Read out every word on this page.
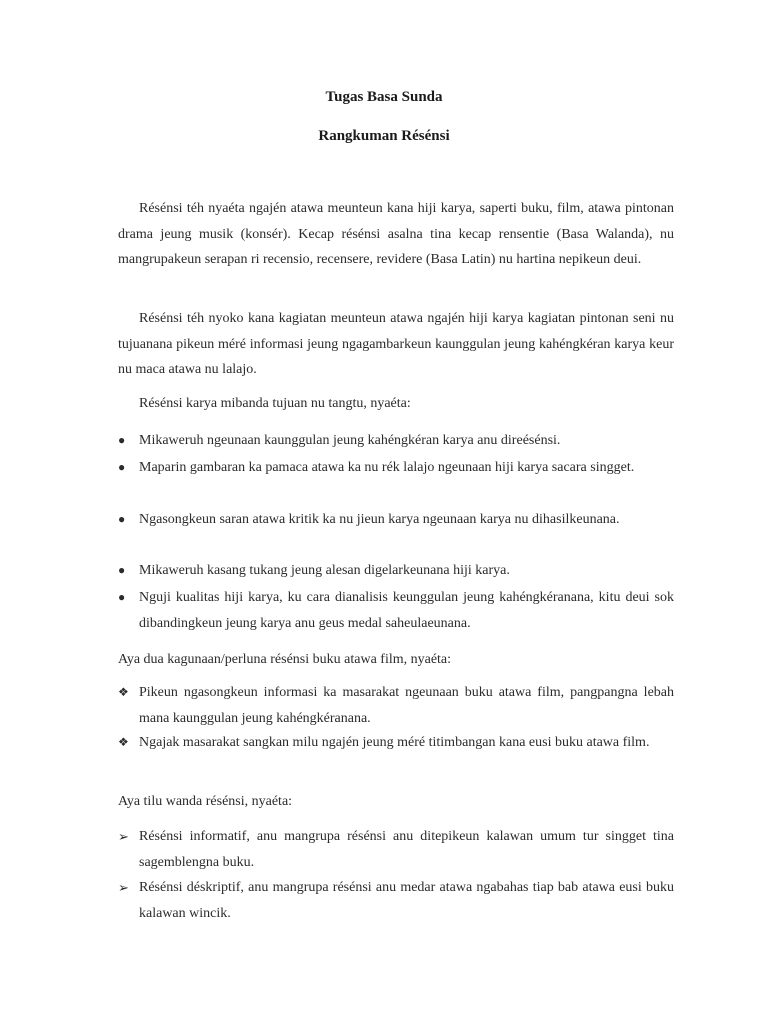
Tugas Basa Sunda
Rangkuman Résénsi

Résénsi téh nyaéta ngajén atawa meunteun kana hiji karya, saperti buku, film, atawa pintonan drama jeung musik (konsér). Kecap résénsi asalna tina kecap rensentie (Basa Walanda), nu mangrupakeun serapan ri recensio, recensere, revidere (Basa Latin) nu hartina nepikeun deui.

Résénsi téh nyoko kana kagiatan meunteun atawa ngajén hiji karya kagiatan pintonan seni nu tujuanana pikeun méré informasi jeung ngagambarkeun kaunggulan jeung kahéngkéran karya keur nu maca atawa nu lalajo.

Résénsi karya mibanda tujuan nu tangtu, nyaéta:

● Mikaweruh ngeunaan kaunggulan jeung kahéngkéran karya anu direésénsi.
● Maparin gambaran ka pamaca atawa ka nu rék lalajo ngeunaan hiji karya sacara singget.
● Ngasongkeun saran atawa kritik ka nu jieun karya ngeunaan karya nu dihasilkeunana.
● Mikaweruh kasang tukang jeung alesan digelarkeunana hiji karya.
● Nguji kualitas hiji karya, ku cara dianalisis keunggulan jeung kahéngkéranana, kitu deui sok dibandingkeun jeung karya anu geus medal saheulaeunana.

Aya dua kagunaan/perluna résénsi buku atawa film, nyaéta:

❖ Pikeun ngasongkeun informasi ka masarakat ngeunaan buku atawa film, pangpangna lebah mana kaunggulan jeung kahéngkéranana.
❖ Ngajak masarakat sangkan milu ngajén jeung méré titimbangan kana eusi buku atawa film.

Aya tilu wanda résénsi, nyaéta:

➢ Résénsi informatif, anu mangrupa résénsi anu ditepikeun kalawan umum tur singget tina sagemblengna buku.
➢ Résénsi déskriptif, anu mangrupa résénsi anu medar atawa ngabahas tiap bab atawa eusi buku kalawan wincik.
